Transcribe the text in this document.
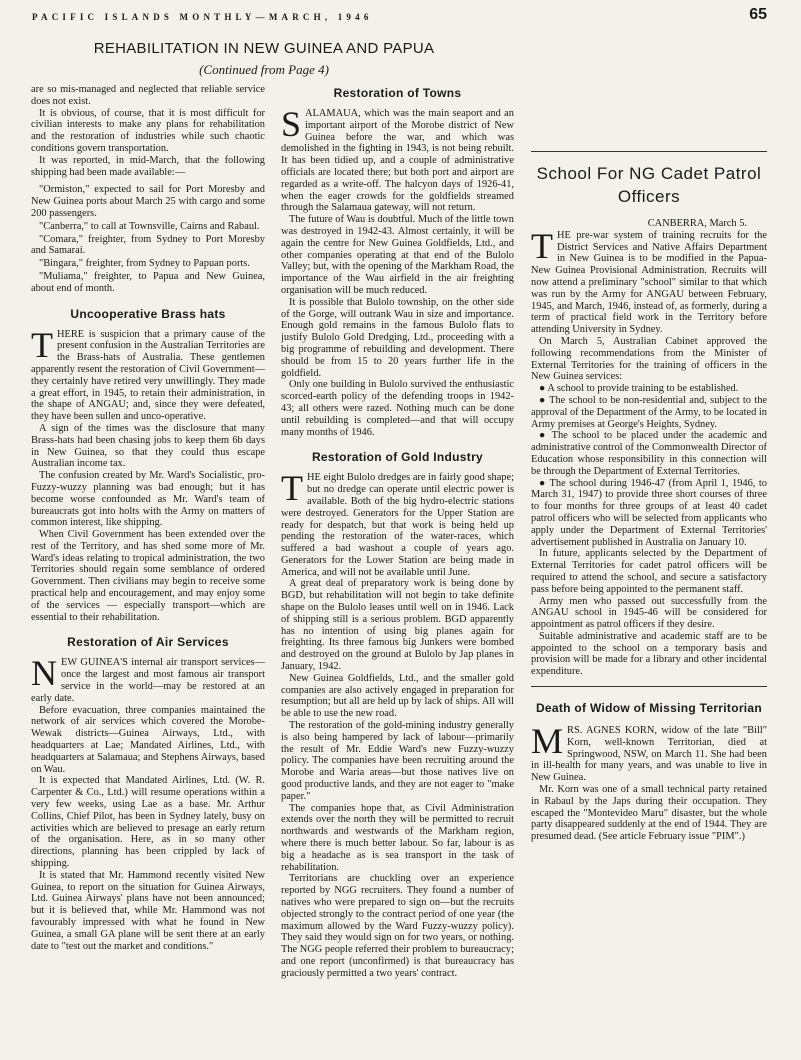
PACIFIC ISLANDS MONTHLY—MARCH, 1946	65
REHABILITATION IN NEW GUINEA AND PAPUA
(Continued from Page 4)

are so mis-managed and neglected that reliable service does not exist.

It is obvious, of course, that it is most difficult for civilian interests to make any plans for rehabilitation and the restoration of industries while such chaotic conditions govern transportation.

It was reported, in mid-March, that the following shipping had been made available:—

"Ormiston," expected to sail for Port Moresby and New Guinea ports about March 25 with cargo and some 200 passengers.

"Canberra," to call at Townsville, Cairns and Rabaul.

"Comara," freighter, from Sydney to Port Moresby and Samarai.

"Bingara," freighter, from Sydney to Papuan ports.

"Muliama," freighter, to Papua and New Guinea, about end of month.

Uncooperative Brass hats

THERE is suspicion that a primary cause of the present confusion in the Australian Territories are the Brass-hats of Australia. These gentlemen apparently resent the restoration of Civil Government—they certainly have retired very unwillingly. They made a great effort, in 1945, to retain their administration, in the shape of ANGAU; and, since they were defeated, they have been sullen and unco-operative.

A sign of the times was the disclosure that many Brass-hats had been chasing jobs to keep them 6b days in New Guinea, so that they could thus escape Australian income tax.

The confusion created by Mr. Ward's Socialistic, pro-Fuzzy-wuzzy planning was bad enough; but it has become worse confounded as Mr. Ward's team of bureaucrats got into holts with the Army on matters of common interest, like shipping.

When Civil Government has been extended over the rest of the Territory, and has shed some more of Mr. Ward's ideas relating to tropical administration, the two Territories should regain some semblance of ordered Government. Then civilians may begin to receive some practical help and encouragement, and may enjoy some of the services — especially transport—which are essential to their rehabilitation.

Restoration of Air Services

NEW GUINEA'S internal air transport services—once the largest and most famous air transport service in the world—may be restored at an early date.

Before evacuation, three companies maintained the network of air services which covered the Morobe-Wewak districts—Guinea Airways, Ltd., with headquarters at Lae; Mandated Airlines, Ltd., with headquarters at Salamaua; and Stephens Airways, based on Wau.

It is expected that Mandated Airlines, Ltd. (W. R. Carpenter & Co., Ltd.) will resume operations within a very few weeks, using Lae as a base. Mr. Arthur Collins, Chief Pilot, has been in Sydney lately, busy on activities which are believed to presage an early return of the organisation. Here, as in so many other directions, planning has been crippled by lack of shipping.

It is stated that Mr. Hammond recently visited New Guinea, to report on the situation for Guinea Airways, Ltd. Guinea Airways' plans have not been announced; but it is believed that, while Mr. Hammond was not favourably impressed with what he found in New Guinea, a small GA plane will be sent there at an early date to "test out the market and conditions."

Restoration of Towns

SALAMAUA, which was the main seaport and an important airport of the Morobe district of New Guinea before the war, and which was demolished in the fighting in 1943, is not being rebuilt. It has been tidied up, and a couple of administrative officials are located there; but both port and airport are regarded as a write-off. The halcyon days of 1926-41, when the eager crowds for the goldfields streamed through the Salamaua gateway, will not return.

The future of Wau is doubtful. Much of the little town was destroyed in 1942-43. Almost certainly, it will be again the centre for New Guinea Goldfields, Ltd., and other companies operating at that end of the Bulolo Valley; but, with the opening of the Markham Road, the importance of the Wau airfield in the air freighting organisation will be much reduced.

It is possible that Bulolo township, on the other side of the Gorge, will outrank Wau in size and importance. Enough gold remains in the famous Bulolo flats to justify Bulolo Gold Dredging, Ltd., proceeding with a big programme of rebuilding and development. There should be from 15 to 20 years further life in the goldfield.

Only one building in Bulolo survived the enthusiastic scorced-earth policy of the defending troops in 1942-43; all others were razed. Nothing much can be done until rebuilding is completed—and that will occupy many months of 1946.

Restoration of Gold Industry

THE eight Bulolo dredges are in fairly good shape; but no dredge can operate until electric power is available. Both of the big hydro-electric stations were destroyed. Generators for the Upper Station are ready for despatch, but that work is being held up pending the restoration of the water-races, which suffered a bad washout a couple of years ago. Generators for the Lower Station are being made in America, and will not be available until June.

A great deal of preparatory work is being done by BGD, but rehabilitation will not begin to take definite shape on the Bulolo leases until well on in 1946. Lack of shipping still is a serious problem. BGD apparently has no intention of using big planes again for freighting. Its three famous big Junkers were bombed and destroyed on the ground at Bulolo by Jap planes in January, 1942.

New Guinea Goldfields, Ltd., and the smaller gold companies are also actively engaged in preparation for resumption; but all are held up by lack of ships. All will be able to use the new road.

The restoration of the gold-mining industry generally is also being hampered by lack of labour—primarily the result of Mr. Eddie Ward's new Fuzzy-wuzzy policy. The companies have been recruiting around the Morobe and Waria areas—but those natives live on good productive lands, and they are not eager to "make paper."

The companies hope that, as Civil Administration extends over the north they will be permitted to recruit northwards and westwards of the Markham region, where there is much better labour. So far, labour is as big a headache as is sea transport in the task of rehabilitation.

Territorians are chuckling over an experience reported by NGG recruiters. They found a number of natives who were prepared to sign on—but the recruits objected strongly to the contract period of one year (the maximum allowed by the Ward Fuzzy-wuzzy policy). They said they would sign on for two years, or nothing. The NGG people referred their problem to bureaucracy; and one report (unconfirmed) is that bureaucracy has graciously permitted a two years' contract.

School For NG Cadet Patrol Officers

CANBERRA, March 5.

THE pre-war system of training recruits for the District Services and Native Affairs Department in New Guinea is to be modified in the Papua-New Guinea Provisional Administration. Recruits will now attend a preliminary "school" similar to that which was run by the Army for ANGAU between February, 1945, and March, 1946, instead of, as formerly, during a term of practical field work in the Territory before attending University in Sydney.

On March 5, Australian Cabinet approved the following recommendations from the Minister of External Territories for the training of officers in the New Guinea services:

● A school to provide training to be established.

● The school to be non-residential and, subject to the approval of the Department of the Army, to be located in Army premises at George's Heights, Sydney.

● The school to be placed under the academic and administrative control of the Commonwealth Director of Education whose responsibility in this connection will be through the Department of External Territories.

● The school during 1946-47 (from April 1, 1946, to March 31, 1947) to provide three short courses of three to four months for three groups of at least 40 cadet patrol officers who will be selected from applicants who apply under the Department of External Territories' advertisement published in Australia on January 10.

In future, applicants selected by the Department of External Territories for cadet patrol officers will be required to attend the school, and secure a satisfactory pass before being appointed to the permanent staff.

Army men who passed out successfully from the ANGAU school in 1945-46 will be considered for appointment as patrol officers if they desire.

Suitable administrative and academic staff are to be appointed to the school on a temporary basis and provision will be made for a library and other incidental expenditure.

Death of Widow of Missing Territorian

MRS. AGNES KORN, widow of the late "Bill" Korn, well-known Territorian, died at Springwood, NSW, on March 11. She had been in ill-health for many years, and was unable to live in New Guinea.

Mr. Korn was one of a small technical party retained in Rabaul by the Japs during their occupation. They escaped the "Montevideo Maru" disaster, but the whole party disappeared suddenly at the end of 1944. They are presumed dead. (See article February issue "PIM".)
